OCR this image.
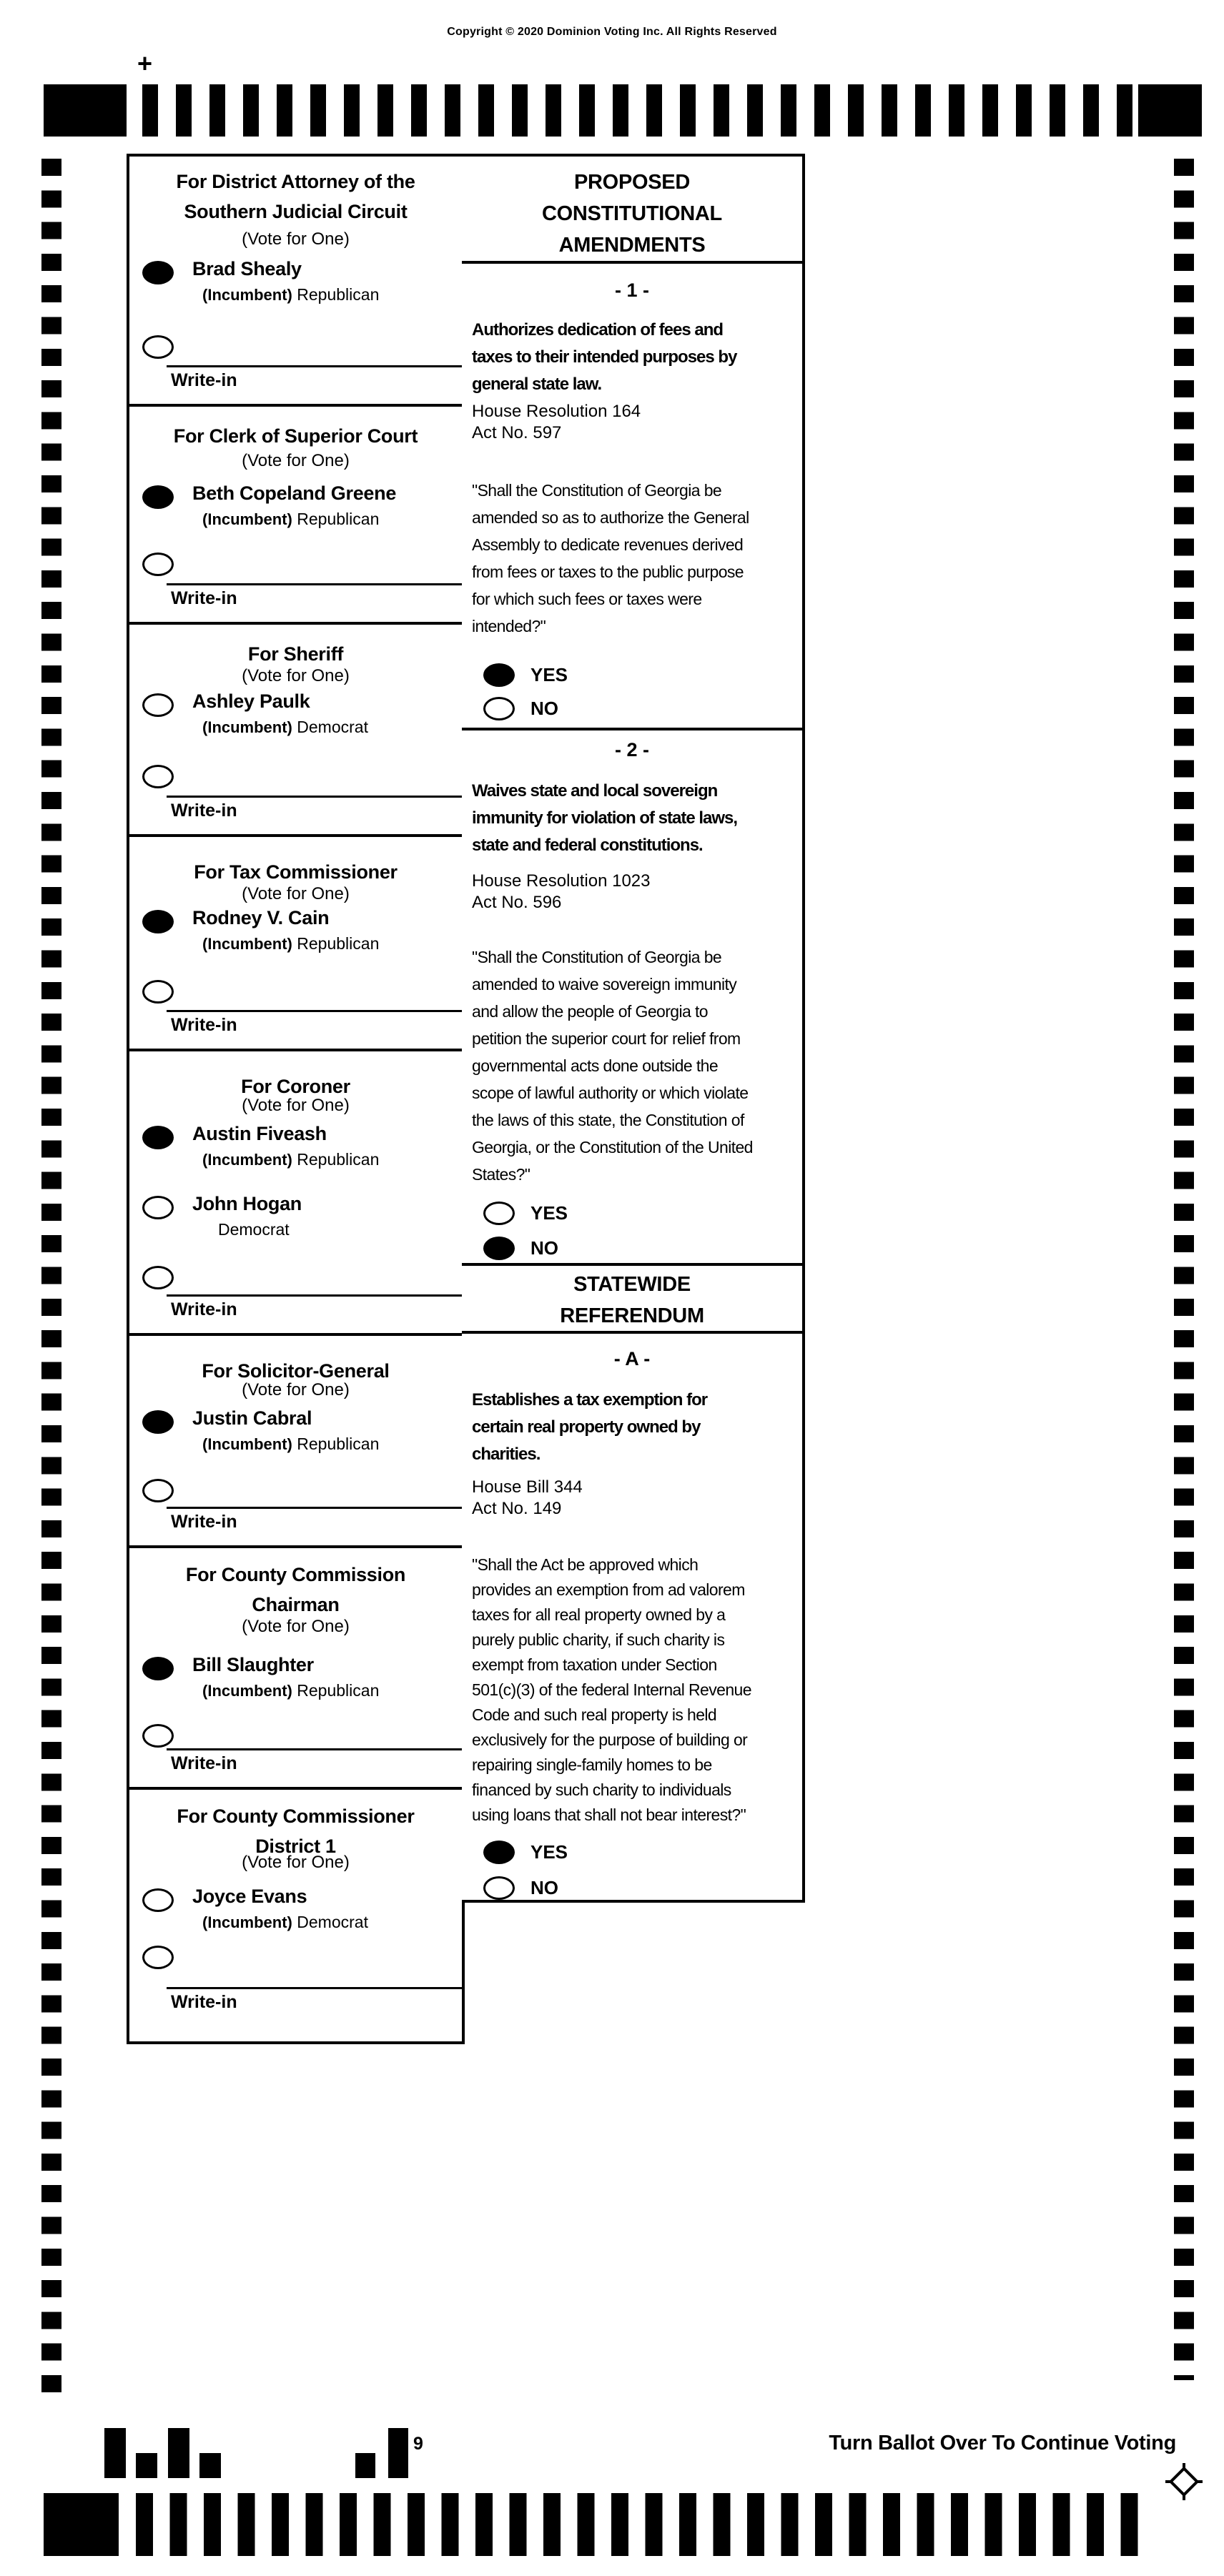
Copyright © 2020 Dominion Voting Inc. All Rights Reserved
+
For District Attorney of the
Southern Judicial Circuit
(Vote for One)
Brad Shealy
(Incumbent) Republican
Write-in
For Clerk of Superior Court
(Vote for One)
Beth Copeland Greene
(Incumbent) Republican
Write-in
For Sheriff
(Vote for One)
Ashley Paulk
(Incumbent) Democrat
Write-in
For Tax Commissioner
(Vote for One)
Rodney V. Cain
(Incumbent) Republican
Write-in
For Coroner
(Vote for One)
Austin Fiveash
(Incumbent) Republican
John Hogan
Democrat
Write-in
For Solicitor-General
(Vote for One)
Justin Cabral
(Incumbent) Republican
Write-in
For County Commission
Chairman
(Vote for One)
Bill Slaughter
(Incumbent) Republican
Write-in
For County Commissioner
District 1
(Vote for One)
Joyce Evans
(Incumbent) Democrat
Write-in
PROPOSED
CONSTITUTIONAL
AMENDMENTS
- 1 -
Authorizes dedication of fees and
taxes to their intended purposes by
general state law.
House Resolution 164
Act No. 597
"Shall the Constitution of Georgia be
amended so as to authorize the General
Assembly to dedicate revenues derived
from fees or taxes to the public purpose
for which such fees or taxes were
intended?"
YES
NO
- 2 -
Waives state and local sovereign
immunity for violation of state laws,
state and federal constitutions.
House Resolution 1023
Act No. 596
"Shall the Constitution of Georgia be
amended to waive sovereign immunity
and allow the people of Georgia to
petition the superior court for relief from
governmental acts done outside the
scope of lawful authority or which violate
the laws of this state, the Constitution of
Georgia, or the Constitution of the United
States?"
YES
NO
STATEWIDE
REFERENDUM
- A -
Establishes a tax exemption for
certain real property owned by
charities.
House Bill 344
Act No. 149
"Shall the Act be approved which
provides an exemption from ad valorem
taxes for all real property owned by a
purely public charity, if such charity is
exempt from taxation under Section
501(c)(3) of the federal Internal Revenue
Code and such real property is held
exclusively for the purpose of building or
repairing single-family homes to be
financed by such charity to individuals
using loans that shall not bear interest?"
YES
NO
9	Turn Ballot Over To Continue Voting
